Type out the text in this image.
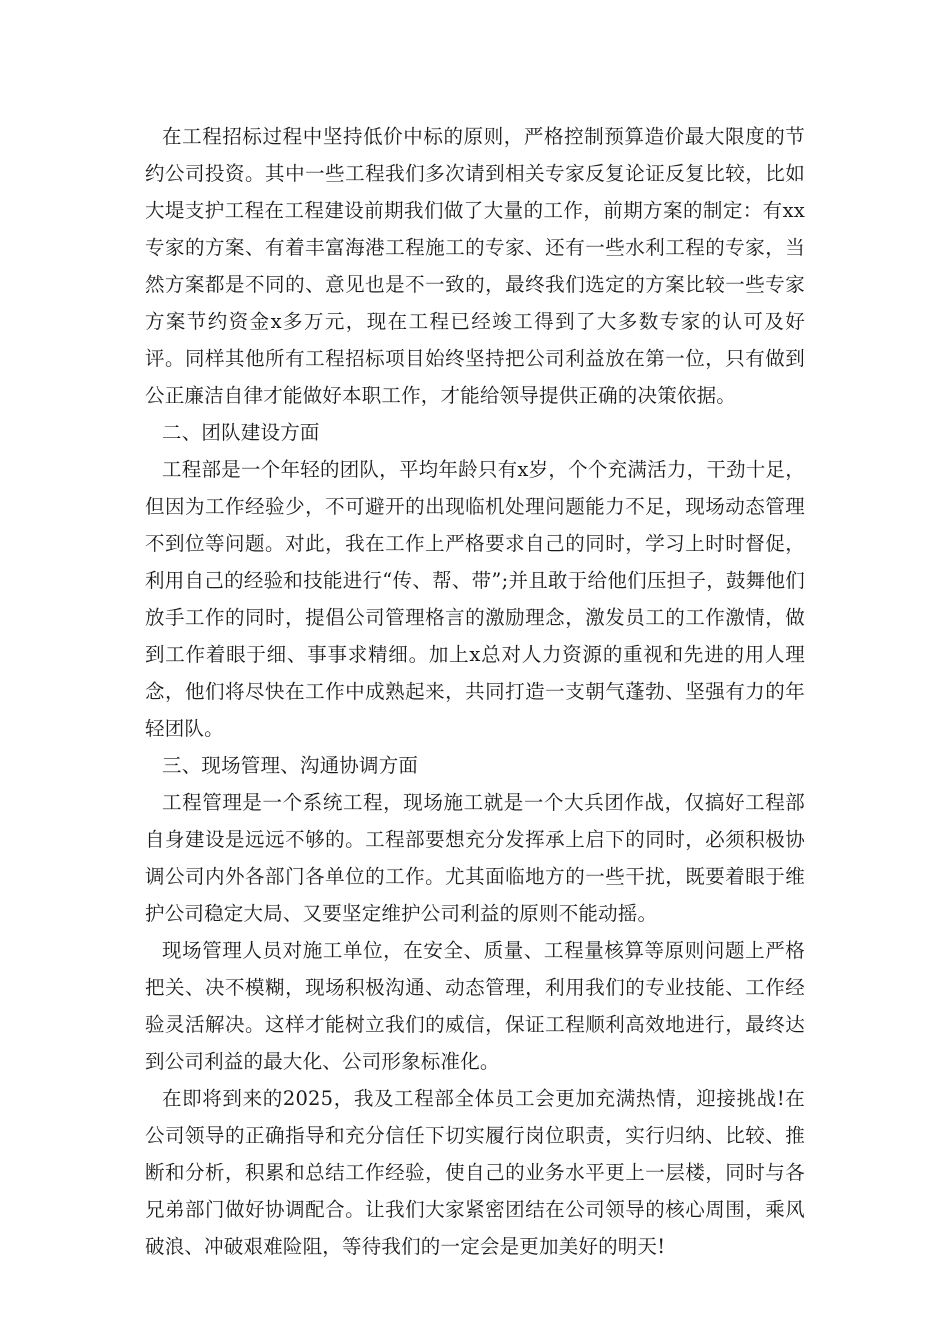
在工程招标过程中坚持低价中标的原则，严格控制预算造价最大限度的节约公司投资。其中一些工程我们多次请到相关专家反复论证反复比较，比如大堤支护工程在工程建设前期我们做了大量的工作，前期方案的制定：有xx专家的方案、有着丰富海港工程施工的专家、还有一些水利工程的专家，当然方案都是不同的、意见也是不一致的，最终我们选定的方案比较一些专家方案节约资金x多万元，现在工程已经竣工得到了大多数专家的认可及好评。同样其他所有工程招标项目始终坚持把公司利益放在第一位，只有做到公正廉洁自律才能做好本职工作，才能给领导提供正确的决策依据。

二、团队建设方面

工程部是一个年轻的团队，平均年龄只有x岁，个个充满活力，干劲十足，但因为工作经验少，不可避开的出现临机处理问题能力不足，现场动态管理不到位等问题。对此，我在工作上严格要求自己的同时，学习上时时督促，利用自己的经验和技能进行“传、帮、带”;并且敢于给他们压担子，鼓舞他们放手工作的同时，提倡公司管理格言的激励理念，激发员工的工作激情，做到工作着眼于细、事事求精细。加上x总对人力资源的重视和先进的用人理念，他们将尽快在工作中成熟起来，共同打造一支朝气蓬勃、坚强有力的年轻团队。

三、现场管理、沟通协调方面

工程管理是一个系统工程，现场施工就是一个大兵团作战，仅搞好工程部自身建设是远远不够的。工程部要想充分发挥承上启下的同时，必须积极协调公司内外各部门各单位的工作。尤其面临地方的一些干扰，既要着眼于维护公司稳定大局、又要坚定维护公司利益的原则不能动摇。

现场管理人员对施工单位，在安全、质量、工程量核算等原则问题上严格把关、决不模糊，现场积极沟通、动态管理，利用我们的专业技能、工作经验灵活解决。这样才能树立我们的威信，保证工程顺利高效地进行，最终达到公司利益的最大化、公司形象标准化。

在即将到来的2025，我及工程部全体员工会更加充满热情，迎接挑战!在公司领导的正确指导和充分信任下切实履行岗位职责，实行归纳、比较、推断和分析，积累和总结工作经验，使自己的业务水平更上一层楼，同时与各兄弟部门做好协调配合。让我们大家紧密团结在公司领导的核心周围，乘风破浪、冲破艰难险阻，等待我们的一定会是更加美好的明天!
